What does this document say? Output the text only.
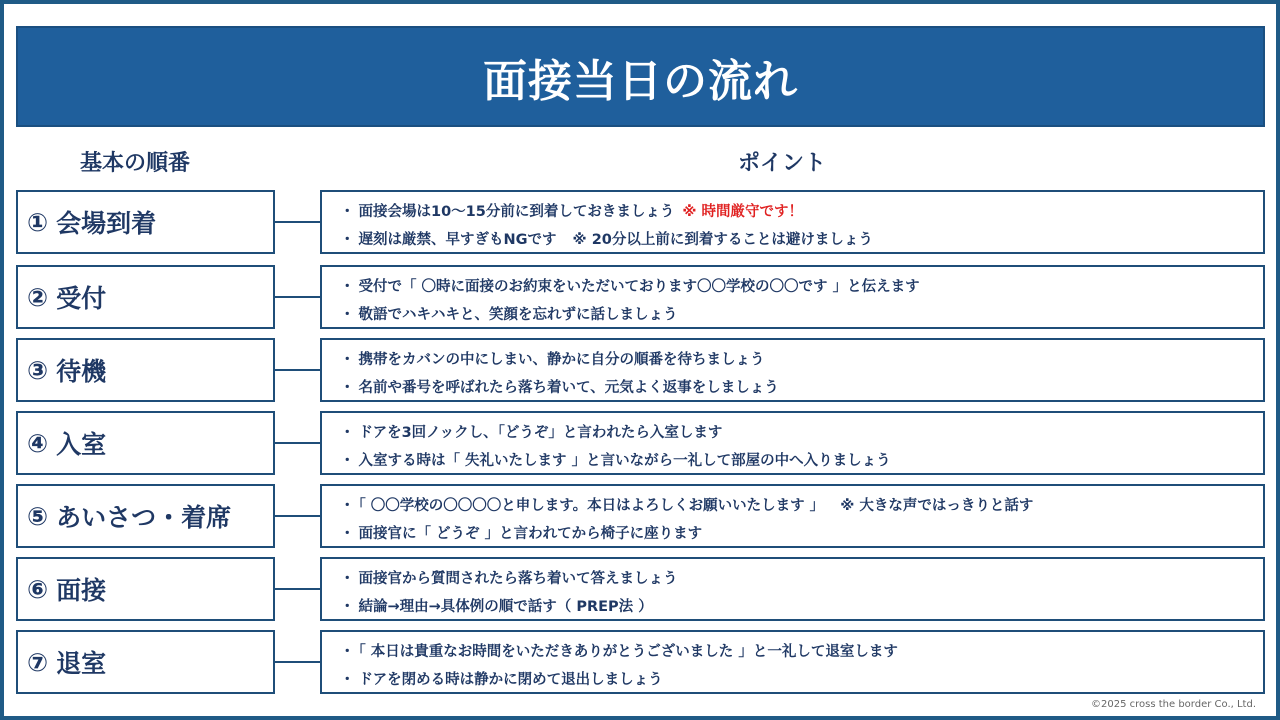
面接当日の流れ
基本の順番	ポイント
① 会場到着	・ 面接会場は10～15分前に到着しておきましょう ※ 時間厳守です！
・ 遅刻は厳禁、早すぎもNGです ※ 20分以上前に到着することは避けましょう
② 受付	・ 受付で「 〇時に面接のお約束をいただいております〇〇学校の〇〇です 」と伝えます
・ 敬語でハキハキと、笑顔を忘れずに話しましょう
③ 待機	・ 携帯をカバンの中にしまい、静かに自分の順番を待ちましょう
・ 名前や番号を呼ばれたら落ち着いて、元気よく返事をしましょう
④ 入室	・ ドアを3回ノックし、「どうぞ」と言われたら入室します
・ 入室する時は「 失礼いたします 」と言いながら一礼して部屋の中へ入りましょう
⑤ あいさつ・着席	・ 「 〇〇学校の〇〇〇〇と申します。本日はよろしくお願いいたします 」 ※ 大きな声ではっきりと話す
・ 面接官に「 どうぞ 」と言われてから椅子に座ります
⑥ 面接	・ 面接官から質問されたら落ち着いて答えましょう
・ 結論→理由→具体例の順で話す（ PREP法 ）
⑦ 退室	・ 「 本日は貴重なお時間をいただきありがとうございました 」と一礼して退室します
・ ドアを閉める時は静かに閉めて退出しましょう
©2025 cross the border Co., Ltd.
